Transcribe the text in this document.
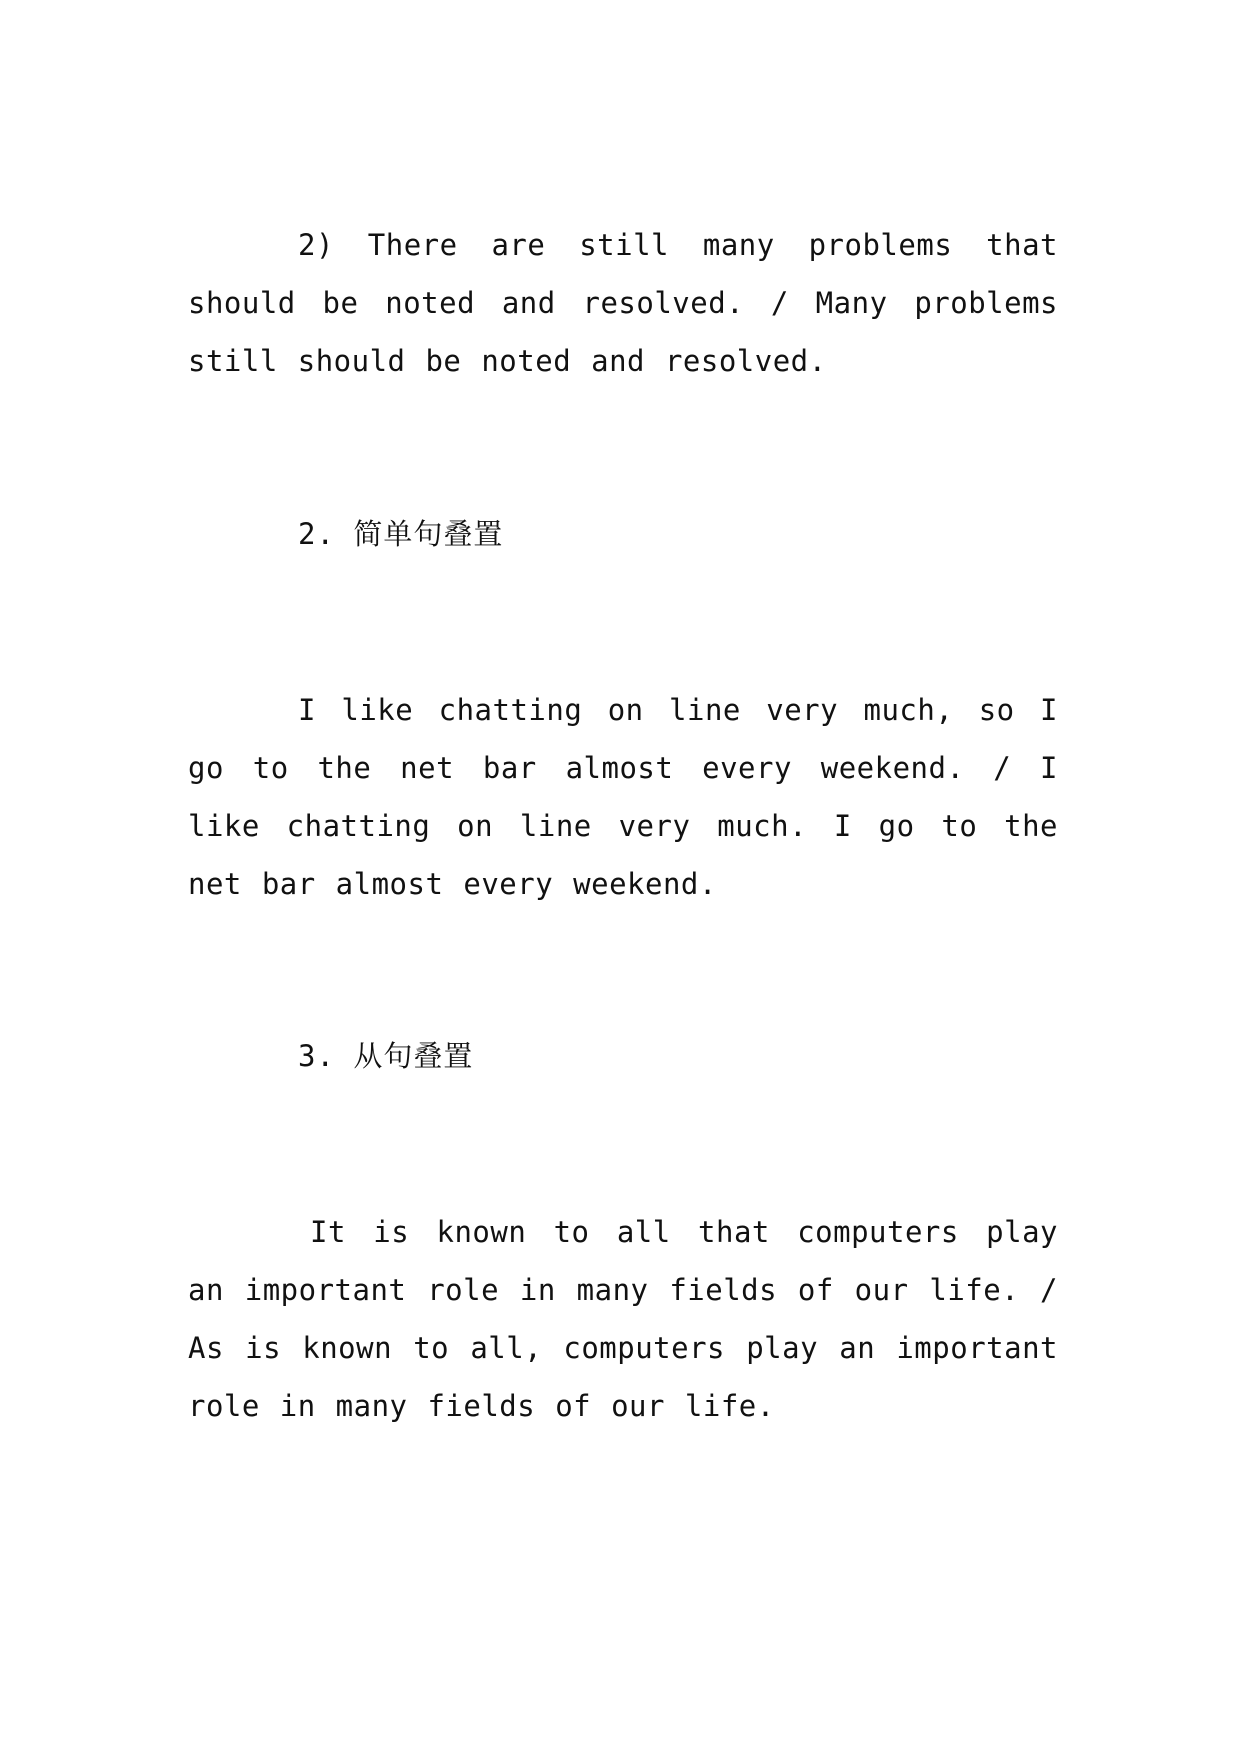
2) There are still many problems that should be noted and resolved. / Many problems still should be noted and resolved.

2. 简单句叠置

I like chatting on line very much, so I go to the net bar almost every weekend. / I like chatting on line very much. I go to the net bar almost every weekend.

3. 从句叠置

It is known to all that computers play an important role in many fields of our life. / As is known to all, computers play an important role in many fields of our life.
